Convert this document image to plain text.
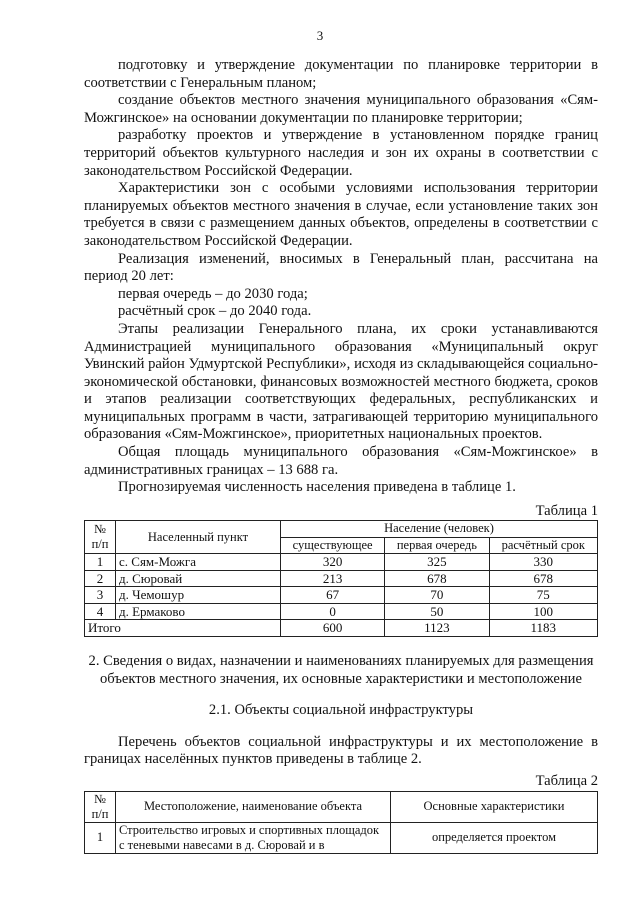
3

подготовку и утверждение документации по планировке территории в соответствии с Генеральным планом;

создание объектов местного значения муниципального образования «Сям-Можгинское» на основании документации по планировке территории;

разработку проектов и утверждение в установленном порядке границ территорий объектов культурного наследия и зон их охраны в соответствии с законодательством Российской Федерации.

Характеристики зон с особыми условиями использования территории планируемых объектов местного значения в случае, если установление таких зон требуется в связи с размещением данных объектов, определены в соответствии с законодательством Российской Федерации.

Реализация изменений, вносимых в Генеральный план, рассчитана на период 20 лет:

первая очередь – до 2030 года;

расчётный срок – до 2040 года.

Этапы реализации Генерального плана, их сроки устанавливаются Администрацией муниципального образования «Муниципальный округ Увинский район Удмуртской Республики», исходя из складывающейся социально-экономической обстановки, финансовых возможностей местного бюджета, сроков и этапов реализации соответствующих федеральных, республиканских и муниципальных программ в части, затрагивающей территорию муниципального образования «Сям-Можгинское», приоритетных национальных проектов.

Общая площадь муниципального образования «Сям-Можгинское» в административных границах – 13 688 га.

Прогнозируемая численность населения приведена в таблице 1.

Таблица 1
№ п/п	Населенный пункт	Население (человек)		
		существующее	первая очередь	расчётный срок
1	с. Сям-Можга	320	325	330
2	д. Сюровай	213	678	678
3	д. Чемошур	67	70	75
4	д. Ермаково	0	50	100
Итого		600	1123	1183

2. Сведения о видах, назначении и наименованиях планируемых для размещения объектов местного значения, их основные характеристики и местоположение

2.1. Объекты социальной инфраструктуры

Перечень объектов социальной инфраструктуры и их местоположение в границах населённых пунктов приведены в таблице 2.

Таблица 2
№ п/п	Местоположение, наименование объекта	Основные характеристики
1	Строительство игровых и спортивных площадок с теневыми навесами в д. Сюровай и в	определяется проектом
